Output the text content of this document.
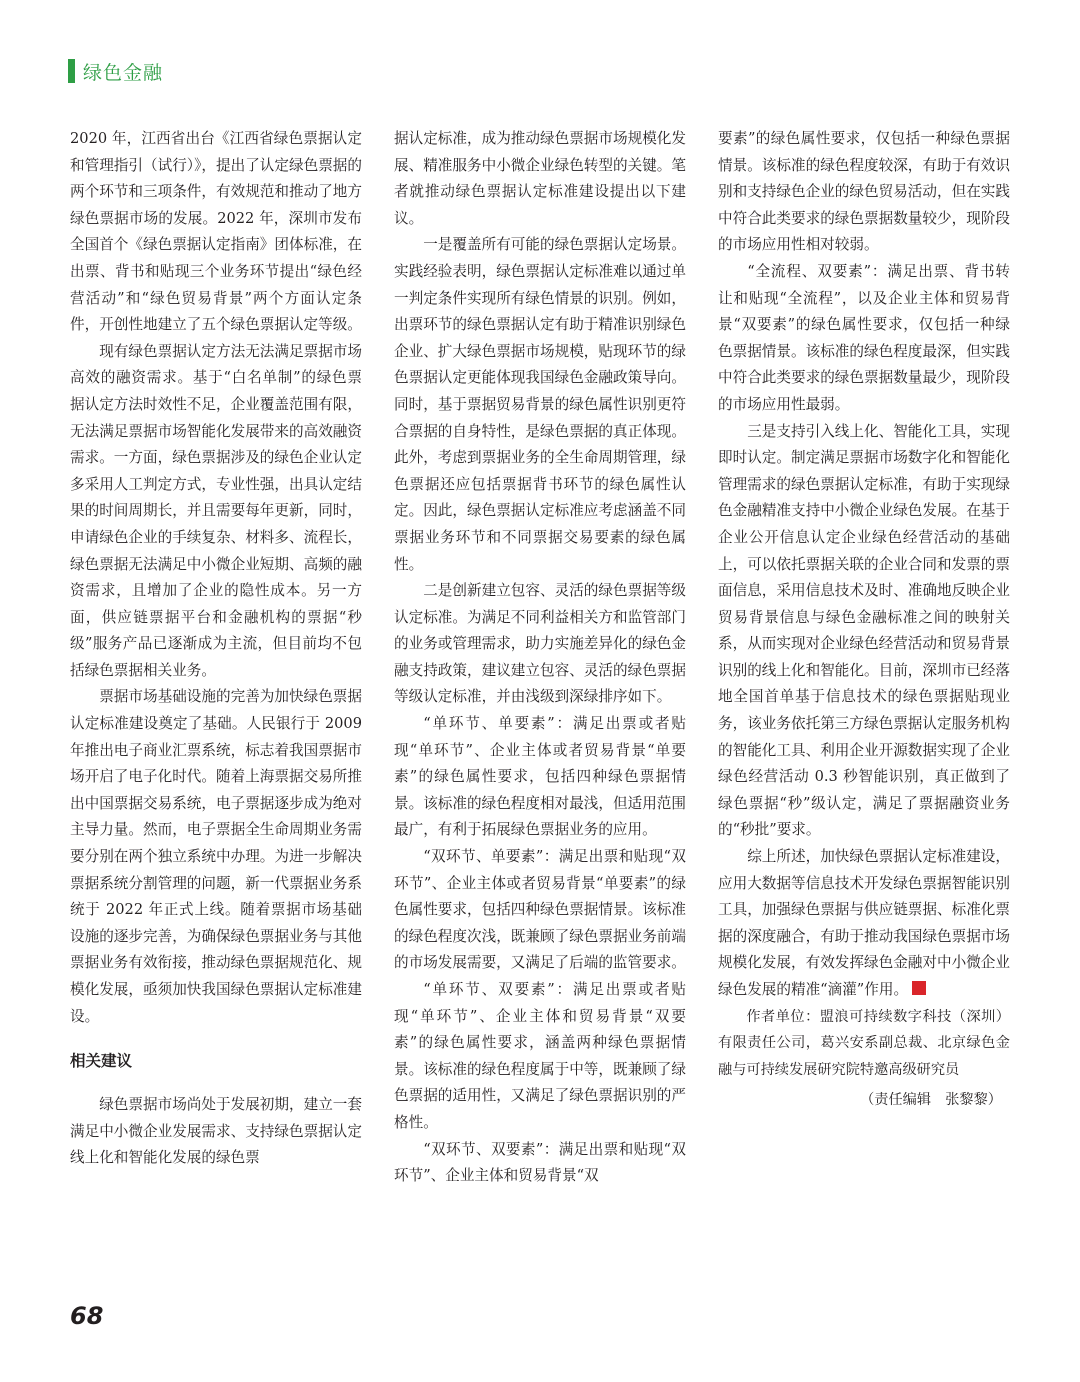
绿色金融

2020 年，江西省出台《江西省绿色票据认定和管理指引（试行）》，提出了认定绿色票据的两个环节和三项条件，有效规范和推动了地方绿色票据市场的发展。2022 年，深圳市发布全国首个《绿色票据认定指南》团体标准，在出票、背书和贴现三个业务环节提出“绿色经营活动”和“绿色贸易背景”两个方面认定条件，开创性地建立了五个绿色票据认定等级。

现有绿色票据认定方法无法满足票据市场高效的融资需求。基于“白名单制”的绿色票据认定方法时效性不足，企业覆盖范围有限，无法满足票据市场智能化发展带来的高效融资需求。一方面，绿色票据涉及的绿色企业认定多采用人工判定方式，专业性强，出具认定结果的时间周期长，并且需要每年更新，同时，申请绿色企业的手续复杂、材料多、流程长，绿色票据无法满足中小微企业短期、高频的融资需求，且增加了企业的隐性成本。另一方面，供应链票据平台和金融机构的票据“秒级”服务产品已逐渐成为主流，但目前均不包括绿色票据相关业务。

票据市场基础设施的完善为加快绿色票据认定标准建设奠定了基础。人民银行于 2009 年推出电子商业汇票系统，标志着我国票据市场开启了电子化时代。随着上海票据交易所推出中国票据交易系统，电子票据逐步成为绝对主导力量。然而，电子票据全生命周期业务需要分别在两个独立系统中办理。为进一步解决票据系统分割管理的问题，新一代票据业务系统于 2022 年正式上线。随着票据市场基础设施的逐步完善，为确保绿色票据业务与其他票据业务有效衔接，推动绿色票据规范化、规模化发展，亟须加快我国绿色票据认定标准建设。

相关建议

绿色票据市场尚处于发展初期，建立一套满足中小微企业发展需求、支持绿色票据认定线上化和智能化发展的绿色票

据认定标准，成为推动绿色票据市场规模化发展、精准服务中小微企业绿色转型的关键。笔者就推动绿色票据认定标准建设提出以下建议。

一是覆盖所有可能的绿色票据认定场景。实践经验表明，绿色票据认定标准难以通过单一判定条件实现所有绿色情景的识别。例如，出票环节的绿色票据认定有助于精准识别绿色企业、扩大绿色票据市场规模，贴现环节的绿色票据认定更能体现我国绿色金融政策导向。同时，基于票据贸易背景的绿色属性识别更符合票据的自身特性，是绿色票据的真正体现。此外，考虑到票据业务的全生命周期管理，绿色票据还应包括票据背书环节的绿色属性认定。因此，绿色票据认定标准应考虑涵盖不同票据业务环节和不同票据交易要素的绿色属性。

二是创新建立包容、灵活的绿色票据等级认定标准。为满足不同利益相关方和监管部门的业务或管理需求，助力实施差异化的绿色金融支持政策，建议建立包容、灵活的绿色票据等级认定标准，并由浅级到深绿排序如下。

“单环节、单要素”：满足出票或者贴现“单环节”、企业主体或者贸易背景“单要素”的绿色属性要求，包括四种绿色票据情景。该标准的绿色程度相对最浅，但适用范围最广，有利于拓展绿色票据业务的应用。

“双环节、单要素”：满足出票和贴现“双环节”、企业主体或者贸易背景“单要素”的绿色属性要求，包括四种绿色票据情景。该标准的绿色程度次浅，既兼顾了绿色票据业务前端的市场发展需要，又满足了后端的监管要求。

“单环节、双要素”：满足出票或者贴现“单环节”、企业主体和贸易背景“双要素”的绿色属性要求，涵盖两种绿色票据情景。该标准的绿色程度属于中等，既兼顾了绿色票据的适用性，又满足了绿色票据识别的严格性。

“双环节、双要素”：满足出票和贴现“双环节”、企业主体和贸易背景“双

要素”的绿色属性要求，仅包括一种绿色票据情景。该标准的绿色程度较深，有助于有效识别和支持绿色企业的绿色贸易活动，但在实践中符合此类要求的绿色票据数量较少，现阶段的市场应用性相对较弱。

“全流程、双要素”：满足出票、背书转让和贴现“全流程”，以及企业主体和贸易背景“双要素”的绿色属性要求，仅包括一种绿色票据情景。该标准的绿色程度最深，但实践中符合此类要求的绿色票据数量最少，现阶段的市场应用性最弱。

三是支持引入线上化、智能化工具，实现即时认定。制定满足票据市场数字化和智能化管理需求的绿色票据认定标准，有助于实现绿色金融精准支持中小微企业绿色发展。在基于企业公开信息认定企业绿色经营活动的基础上，可以依托票据关联的企业合同和发票的票面信息，采用信息技术及时、准确地反映企业贸易背景信息与绿色金融标准之间的映射关系，从而实现对企业绿色经营活动和贸易背景识别的线上化和智能化。目前，深圳市已经落地全国首单基于信息技术的绿色票据贴现业务，该业务依托第三方绿色票据认定服务机构的智能化工具、利用企业开源数据实现了企业绿色经营活动 0.3 秒智能识别，真正做到了绿色票据“秒”级认定，满足了票据融资业务的“秒批”要求。

综上所述，加快绿色票据认定标准建设，应用大数据等信息技术开发绿色票据智能识别工具，加强绿色票据与供应链票据、标准化票据的深度融合，有助于推动我国绿色票据市场规模化发展，有效发挥绿色金融对中小微企业绿色发展的精准“滴灌”作用。

作者单位：盟浪可持续数字科技（深圳）有限责任公司，葛兴安系副总裁、北京绿色金融与可持续发展研究院特邀高级研究员

（责任编辑　张黎黎）
68
